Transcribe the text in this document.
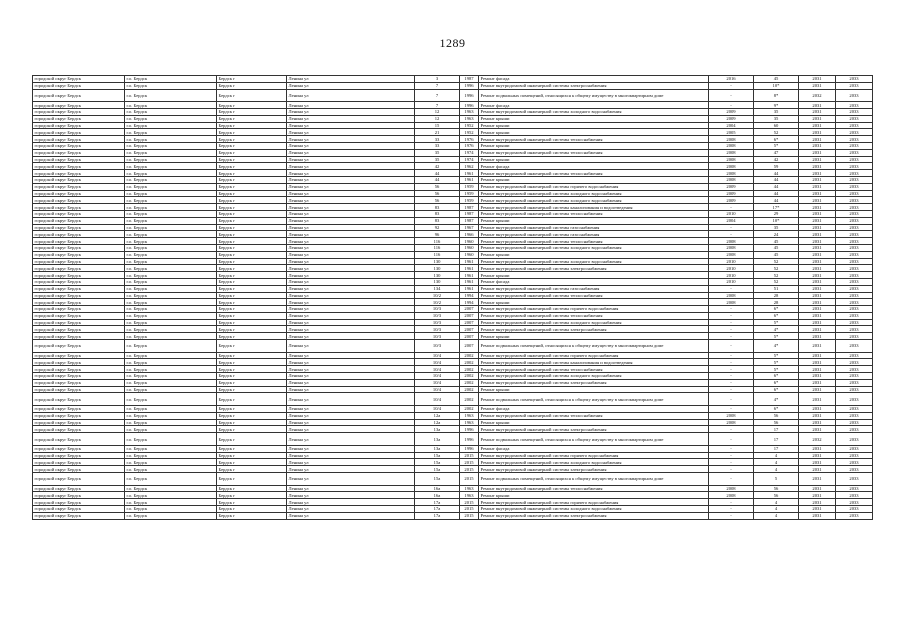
1289
городской округ Бердск	г.о. Бердск	Бердск г	Ленина ул	3	1987	Ремонт фасада	2016	45	2031	2033
городской округ Бердск	г.о. Бердск	Бердск г	Ленина ул	7	1996	Ремонт внутридомовой инженерной системы электроснабжения	-	10*	2031	2033
городской округ Бердск	г.о. Бердск	Бердск г	Ленина ул	7	1996	Ремонт подвальных помещений, относящихся к общему имуществу в многоквартирном доме	-	8*	2032	2033
городской округ Бердск	г.о. Бердск	Бердск г	Ленина ул	7	1996	Ремонт фасада	-	9*	2031	2033
городской округ Бердск	г.о. Бердск	Бердск г	Ленина ул	12	1963	Ремонт внутридомовой инженерной системы холодного водоснабжения	2009	35	2031	2033
городской округ Бердск	г.о. Бердск	Бердск г	Ленина ул	12	1963	Ремонт крыши	2009	35	2031	2033
городской округ Бердск	г.о. Бердск	Бердск г	Ленина ул	15	1952	Ремонт крыши	2004	60	2031	2033
городской округ Бердск	г.о. Бердск	Бердск г	Ленина ул	21	1952	Ремонт крыши	2005	52	2031	2033
городской округ Бердск	г.о. Бердск	Бердск г	Ленина ул	33	1976	Ремонт внутридомовой инженерной системы теплоснабжения	2008	6*	2031	2033
городской округ Бердск	г.о. Бердск	Бердск г	Ленина ул	33	1976	Ремонт крыши	2008	5*	2031	2033
городской округ Бердск	г.о. Бердск	Бердск г	Ленина ул	35	1974	Ремонт внутридомовой инженерной системы теплоснабжения	2008	47	2031	2033
городской округ Бердск	г.о. Бердск	Бердск г	Ленина ул	35	1974	Ремонт крыши	2008	42	2031	2033
городской округ Бердск	г.о. Бердск	Бердск г	Ленина ул	42	1962	Ремонт фасада	2008	59	2031	2033
городской округ Бердск	г.о. Бердск	Бердск г	Ленина ул	44	1961	Ремонт внутридомовой инженерной системы теплоснабжения	2008	44	2031	2033
городской округ Бердск	г.о. Бердск	Бердск г	Ленина ул	44	1961	Ремонт крыши	2008	44	2031	2033
городской округ Бердск	г.о. Бердск	Бердск г	Ленина ул	56	1959	Ремонт внутридомовой инженерной системы горячего водоснабжения	2009	44	2031	2033
городской округ Бердск	г.о. Бердск	Бердск г	Ленина ул	56	1959	Ремонт внутридомовой инженерной системы холодного водоснабжения	2009	44	2031	2033
городской округ Бердск	г.о. Бердск	Бердск г	Ленина ул	56	1959	Ремонт внутридомовой инженерной системы холодного водоснабжения	2009	44	2031	2033
городской округ Бердск	г.о. Бердск	Бердск г	Ленина ул	83	1987	Ремонт внутридомовой инженерной системы канализования и водоотведения	-	17*	2031	2033
городской округ Бердск	г.о. Бердск	Бердск г	Ленина ул	83	1987	Ремонт внутридомовой инженерной системы теплоснабжения	2010	29	2031	2033
городской округ Бердск	г.о. Бердск	Бердск г	Ленина ул	83	1987	Ремонт крыши	2004	10*	2031	2033
городской округ Бердск	г.о. Бердск	Бердск г	Ленина ул	92	1967	Ремонт внутридомовой инженерной системы газоснабжения	-	35	2031	2033
городской округ Бердск	г.о. Бердск	Бердск г	Ленина ул	96	1966	Ремонт внутридомовой инженерной системы газоснабжения	-	24	2031	2033
городской округ Бердск	г.о. Бердск	Бердск г	Ленина ул	116	1960	Ремонт внутридомовой инженерной системы теплоснабжения	2008	45	2031	2033
городской округ Бердск	г.о. Бердск	Бердск г	Ленина ул	116	1960	Ремонт внутридомовой инженерной системы холодного водоснабжения	2008	45	2031	2033
городской округ Бердск	г.о. Бердск	Бердск г	Ленина ул	116	1960	Ремонт крыши	2008	45	2031	2033
городской округ Бердск	г.о. Бердск	Бердск г	Ленина ул	130	1961	Ремонт внутридомовой инженерной системы холодного водоснабжения	2010	52	2031	2033
городской округ Бердск	г.о. Бердск	Бердск г	Ленина ул	130	1961	Ремонт внутридомовой инженерной системы электроснабжения	2010	52	2031	2033
городской округ Бердск	г.о. Бердск	Бердск г	Ленина ул	130	1961	Ремонт крыши	2010	52	2031	2033
городской округ Бердск	г.о. Бердск	Бердск г	Ленина ул	130	1961	Ремонт фасада	2010	52	2031	2033
городской округ Бердск	г.о. Бердск	Бердск г	Ленина ул	134	1961	Ремонт внутридомовой инженерной системы газоснабжения	-	51	2031	2033
городской округ Бердск	г.о. Бердск	Бердск г	Ленина ул	10/2	1994	Ремонт внутридомовой инженерной системы теплоснабжения	2008	28	2031	2033
городской округ Бердск	г.о. Бердск	Бердск г	Ленина ул	10/2	1994	Ремонт крыши	2008	28	2031	2033
городской округ Бердск	г.о. Бердск	Бердск г	Ленина ул	10/3	2007	Ремонт внутридомовой инженерной системы горячего водоснабжения	-	6*	2031	2033
городской округ Бердск	г.о. Бердск	Бердск г	Ленина ул	10/3	2007	Ремонт внутридомовой инженерной системы теплоснабжения	-	6*	2031	2033
городской округ Бердск	г.о. Бердск	Бердск г	Ленина ул	10/3	2007	Ремонт внутридомовой инженерной системы холодного водоснабжения	-	5*	2031	2033
городской округ Бердск	г.о. Бердск	Бердск г	Ленина ул	10/3	2007	Ремонт внутридомовой инженерной системы электроснабжения	-	4*	2031	2033
городской округ Бердск	г.о. Бердск	Бердск г	Ленина ул	10/3	2007	Ремонт крыши	-	5*	2031	2033
городской округ Бердск	г.о. Бердск	Бердск г	Ленина ул	10/3	2007	Ремонт подвальных помещений, относящихся к общему имуществу в многоквартирном доме	-	4*	2031	2033
городской округ Бердск	г.о. Бердск	Бердск г	Ленина ул	10/4	2002	Ремонт внутридомовой инженерной системы горячего водоснабжения	-	5*	2031	2033
городской округ Бердск	г.о. Бердск	Бердск г	Ленина ул	10/4	2002	Ремонт внутридомовой инженерной системы канализования и водоотведения	-	5*	2031	2033
городской округ Бердск	г.о. Бердск	Бердск г	Ленина ул	10/4	2002	Ремонт внутридомовой инженерной системы теплоснабжения	-	5*	2031	2033
городской округ Бердск	г.о. Бердск	Бердск г	Ленина ул	10/4	2002	Ремонт внутридомовой инженерной системы холодного водоснабжения	-	6*	2031	2033
городской округ Бердск	г.о. Бердск	Бердск г	Ленина ул	10/4	2002	Ремонт внутридомовой инженерной системы электроснабжения	-	6*	2031	2033
городской округ Бердск	г.о. Бердск	Бердск г	Ленина ул	10/4	2002	Ремонт крыши	-	6*	2031	2033
городской округ Бердск	г.о. Бердск	Бердск г	Ленина ул	10/4	2002	Ремонт подвальных помещений, относящихся к общему имуществу в многоквартирном доме	-	4*	2031	2033
городской округ Бердск	г.о. Бердск	Бердск г	Ленина ул	10/4	2002	Ремонт фасада	-	6*	2031	2033
городской округ Бердск	г.о. Бердск	Бердск г	Ленина ул	12а	1963	Ремонт внутридомовой инженерной системы теплоснабжения	2008	56	2031	2033
городской округ Бердск	г.о. Бердск	Бердск г	Ленина ул	12а	1963	Ремонт крыши	2008	56	2031	2033
городской округ Бердск	г.о. Бердск	Бердск г	Ленина ул	13а	1996	Ремонт внутридомовой инженерной системы электроснабжения	-	17	2031	2033
городской округ Бердск	г.о. Бердск	Бердск г	Ленина ул	13а	1996	Ремонт подвальных помещений, относящихся к общему имуществу в многоквартирном доме	-	17	2032	2033
городской округ Бердск	г.о. Бердск	Бердск г	Ленина ул	13а	1996	Ремонт фасада	-	17	2031	2033
городской округ Бердск	г.о. Бердск	Бердск г	Ленина ул	15а	2015	Ремонт внутридомовой инженерной системы горячего водоснабжения	-	4	2031	2033
городской округ Бердск	г.о. Бердск	Бердск г	Ленина ул	15а	2015	Ремонт внутридомовой инженерной системы холодного водоснабжения	-	4	2031	2033
городской округ Бердск	г.о. Бердск	Бердск г	Ленина ул	15а	2015	Ремонт внутридомовой инженерной системы электроснабжения	-	4	2031	2033
городской округ Бердск	г.о. Бердск	Бердск г	Ленина ул	15а	2015	Ремонт подвальных помещений, относящихся к общему имуществу в многоквартирном доме	-	5	2031	2033
городской округ Бердск	г.о. Бердск	Бердск г	Ленина ул	16а	1963	Ремонт внутридомовой инженерной системы теплоснабжения	2008	56	2031	2033
городской округ Бердск	г.о. Бердск	Бердск г	Ленина ул	16а	1963	Ремонт крыши	2008	56	2031	2033
городской округ Бердск	г.о. Бердск	Бердск г	Ленина ул	17а	2015	Ремонт внутридомовой инженерной системы горячего водоснабжения	-	4	2031	2033
городской округ Бердск	г.о. Бердск	Бердск г	Ленина ул	17а	2015	Ремонт внутридомовой инженерной системы холодного водоснабжения	-	4	2031	2033
городской округ Бердск	г.о. Бердск	Бердск г	Ленина ул	17а	2015	Ремонт внутридомовой инженерной системы электроснабжения	-	4	2031	2033
